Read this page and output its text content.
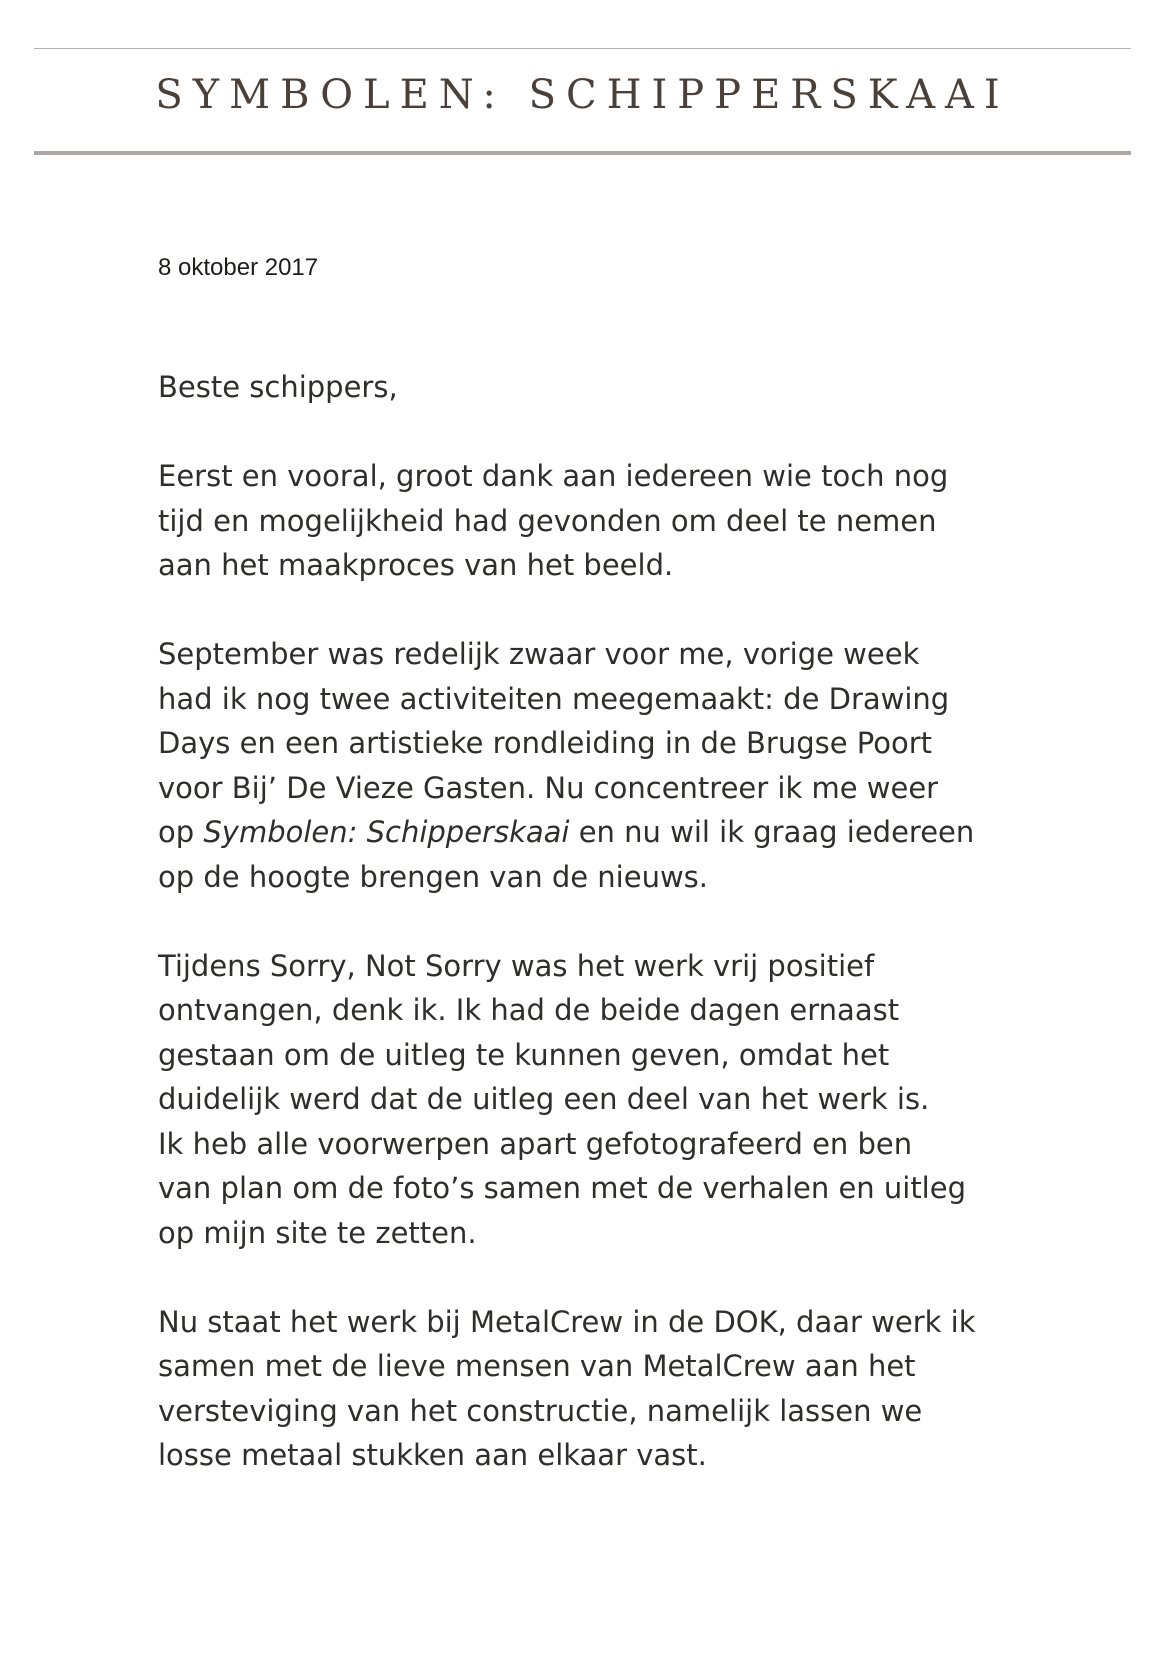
SYMBOLEN: SCHIPPERSKAAI
8 oktober 2017

Beste schippers,

Eerst en vooral, groot dank aan iedereen wie toch nog
tijd en mogelijkheid had gevonden om deel te nemen
aan het maakproces van het beeld.

September was redelijk zwaar voor me, vorige week
had ik nog twee activiteiten meegemaakt: de Drawing
Days en een artistieke rondleiding in de Brugse Poort
voor Bij’ De Vieze Gasten. Nu concentreer ik me weer
op Symbolen: Schipperskaai en nu wil ik graag iedereen
op de hoogte brengen van de nieuws.

Tijdens Sorry, Not Sorry was het werk vrij positief
ontvangen, denk ik. Ik had de beide dagen ernaast
gestaan om de uitleg te kunnen geven, omdat het
duidelijk werd dat de uitleg een deel van het werk is.
Ik heb alle voorwerpen apart gefotografeerd en ben
van plan om de foto’s samen met de verhalen en uitleg
op mijn site te zetten.

Nu staat het werk bij MetalCrew in de DOK, daar werk ik
samen met de lieve mensen van MetalCrew aan het
versteviging van het constructie, namelijk lassen we
losse metaal stukken aan elkaar vast.
